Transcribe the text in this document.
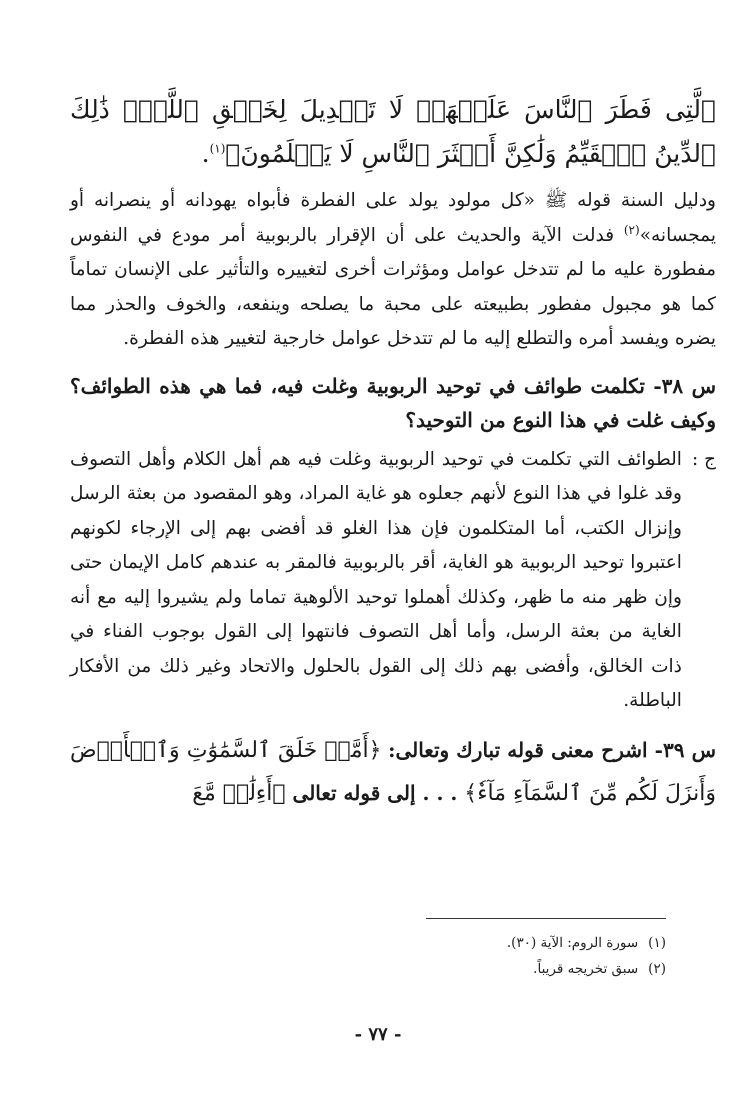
ٱلَّتِى فَطَرَ ٱلنَّاسَ عَلَيۡهَاۚ لَا تَبۡدِيلَ لِخَلۡقِ ٱللَّهِۚ ذَٰلِكَ ٱلدِّينُ ٱلۡقَيِّمُ وَلَٰكِنَّ أَكۡثَرَ ٱلنَّاسِ لَا يَعۡلَمُونَ﴾$^{(١)}$.

ودليل السنة قوله ﷺ «كل مولود يولد على الفطرة فأبواه يهودانه أو ينصرانه أو يمجسانه»$^{(٢)}$ فدلت الآية والحديث على أن الإقرار بالربوبية أمر مودع في النفوس مفطورة عليه ما لم تتدخل عوامل ومؤثرات أخرى لتغييره والتأثير على الإنسان تماماً كما هو مجبول مفطور بطبيعته على محبة ما يصلحه وينفعه، والخوف والحذر مما يضره ويفسد أمره والتطلع إليه ما لم تتدخل عوامل خارجية لتغيير هذه الفطرة.

س ٣٨- تكلمت طوائف في توحيد الربوبية وغلت فيه، فما هي هذه الطوائف؟ وكيف غلت في هذا النوع من التوحيد؟

ج :
الطوائف التي تكلمت في توحيد الربوبية وغلت فيه هم أهل الكلام وأهل التصوف وقد غلوا في هذا النوع لأنهم جعلوه هو غاية المراد، وهو المقصود من بعثة الرسل وإنزال الكتب، أما المتكلمون فإن هذا الغلو قد أفضى بهم إلى الإرجاء لكونهم اعتبروا توحيد الربوبية هو الغاية، أقر بالربوبية فالمقر به عندهم كامل الإيمان حتى وإن ظهر منه ما ظهر، وكذلك أهملوا توحيد الألوهية تماما ولم يشيروا إليه مع أنه الغاية من بعثة الرسل، وأما أهل التصوف فانتهوا إلى القول بوجوب الفناء في ذات الخالق، وأفضى بهم ذلك إلى القول بالحلول والاتحاد وغير ذلك من الأفكار الباطلة.

س ٣٩- اشرح معنى قوله تبارك وتعالى: ﴿أَمَّنۡ خَلَقَ ٱلسَّمَٰوَٰتِ وَٱلۡأَرۡضَ وَأَنزَلَ لَكُم مِّنَ ٱلسَّمَآءِ مَآءٗ﴾ . . . إلى قوله تعالى ﴿أَءِلَٰهٞ مَّعَ

(١)
سورة الروم: الآية (٣٠).
(٢)
سبق تخريجه قريباً.
- ٧٧ -
